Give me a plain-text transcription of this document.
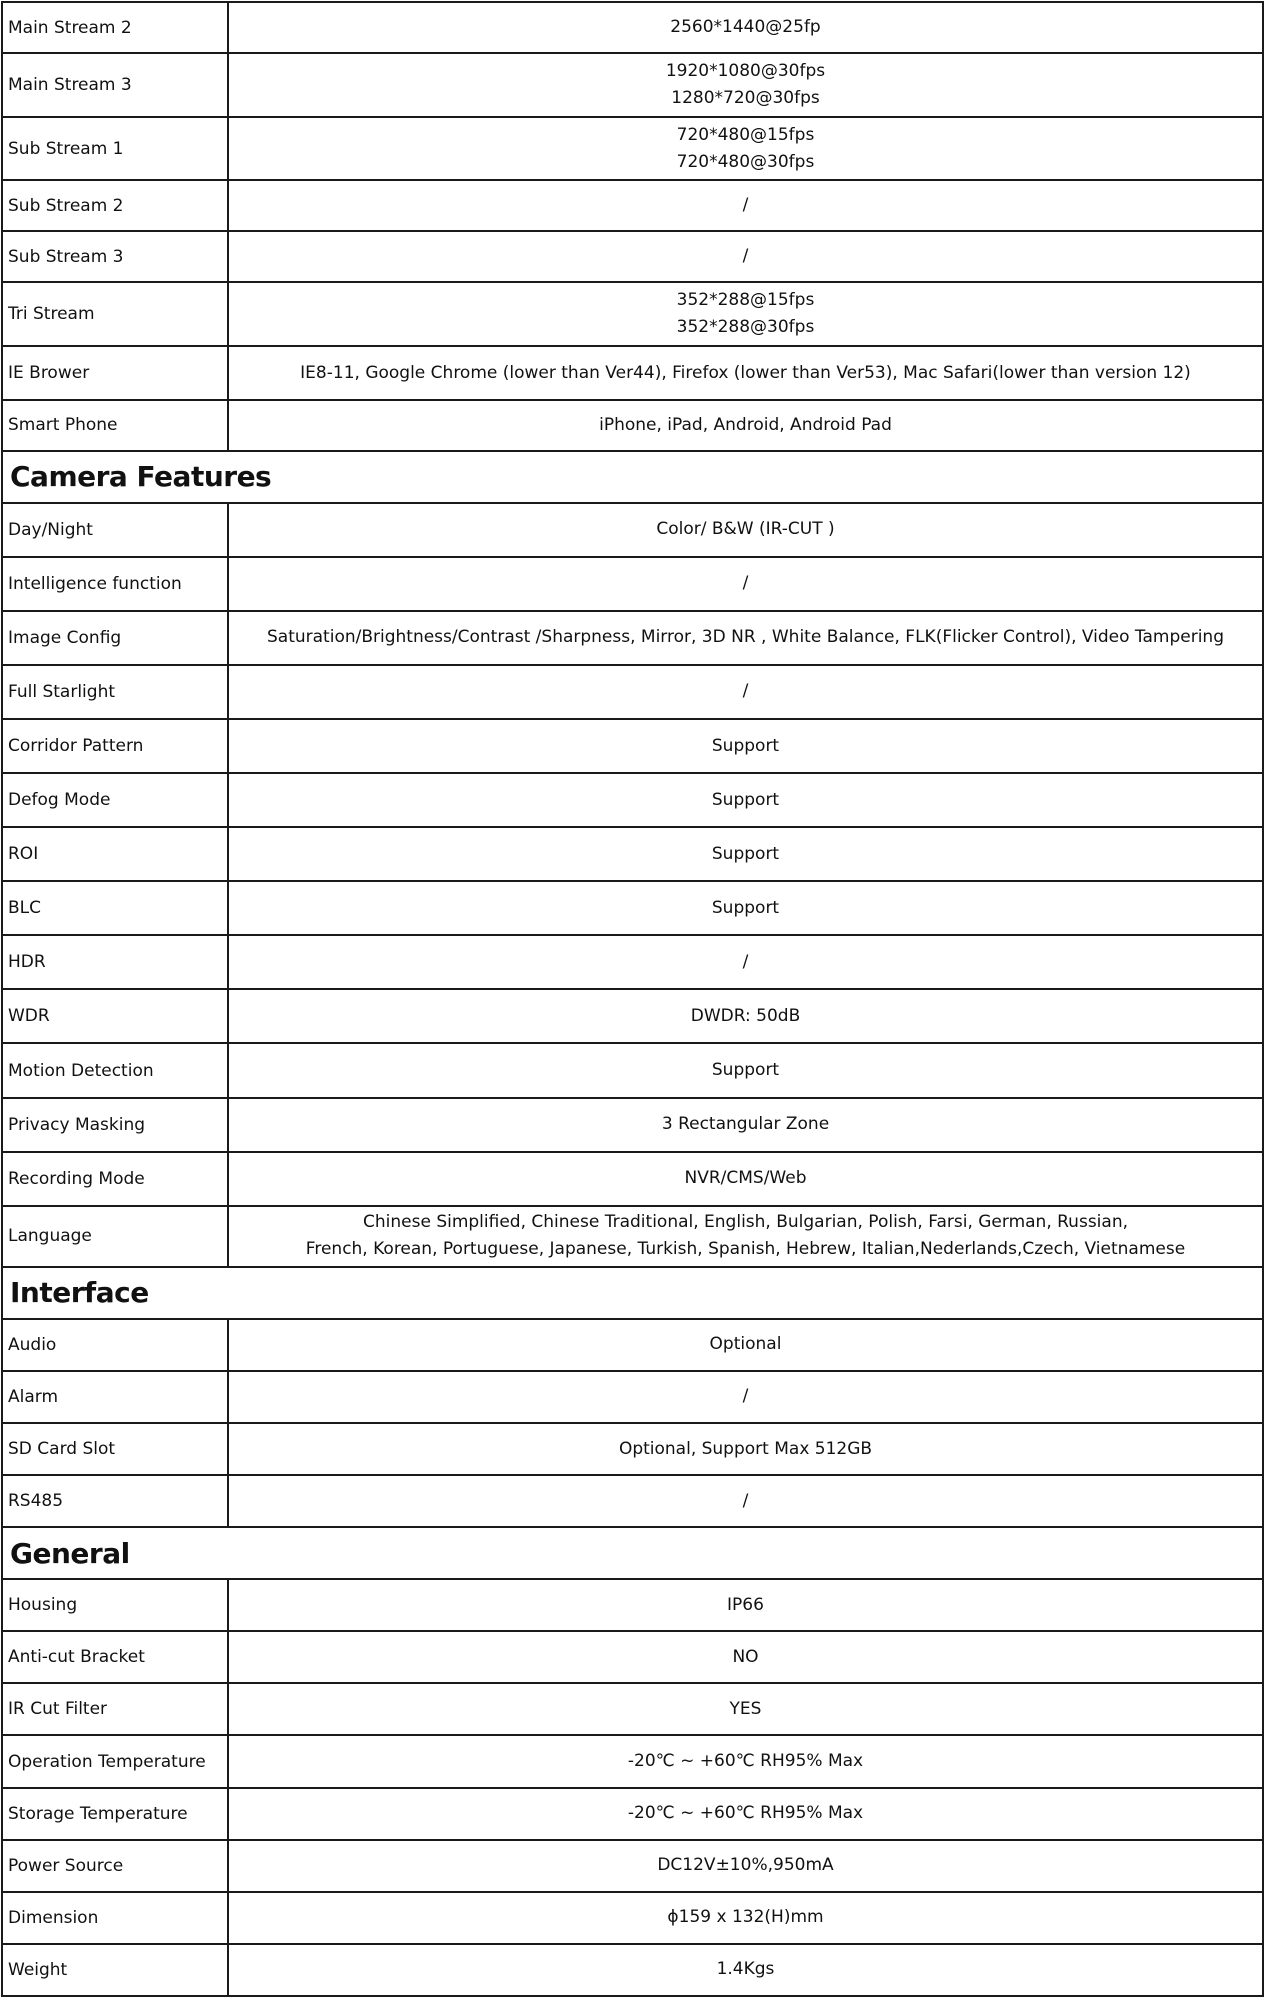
Main Stream 2	2560*1440@25fp

Main Stream 3	1920*1080@30fps
1280*720@30fps

Sub Stream 1	720*480@15fps
720*480@30fps

Sub Stream 2	/

Sub Stream 3	/

Tri Stream	352*288@15fps
352*288@30fps

IE Brower	IE8-11, Google Chrome (lower than Ver44), Firefox (lower than Ver53), Mac Safari(lower than version 12)

Smart Phone	iPhone, iPad, Android, Android Pad

Camera Features	
Day/Night	Color/ B&W (IR-CUT )

Intelligence function	/

Image Config	Saturation/Brightness/Contrast /Sharpness, Mirror, 3D NR , White Balance, FLK(Flicker Control), Video Tampering

Full Starlight	/

Corridor Pattern	Support

Defog Mode	Support

ROI	Support

BLC	Support

HDR	/

WDR	DWDR: 50dB

Motion Detection	Support

Privacy Masking	3 Rectangular Zone

Recording Mode	NVR/CMS/Web

Language	Chinese Simplified, Chinese Traditional, English, Bulgarian, Polish, Farsi, German, Russian,
French, Korean, Portuguese, Japanese, Turkish, Spanish, Hebrew, Italian,Nederlands,Czech, Vietnamese

Interface	
Audio	Optional

Alarm	/

SD Card Slot	Optional, Support Max 512GB

RS485	/

General	
Housing	IP66

Anti-cut Bracket	NO

IR Cut Filter	YES

Operation Temperature	-20℃ ~ +60℃ RH95% Max

Storage Temperature	-20℃ ~ +60℃ RH95% Max

Power Source	DC12V±10%,950mA

Dimension	ϕ159 x 132(H)mm

Weight	1.4Kgs
